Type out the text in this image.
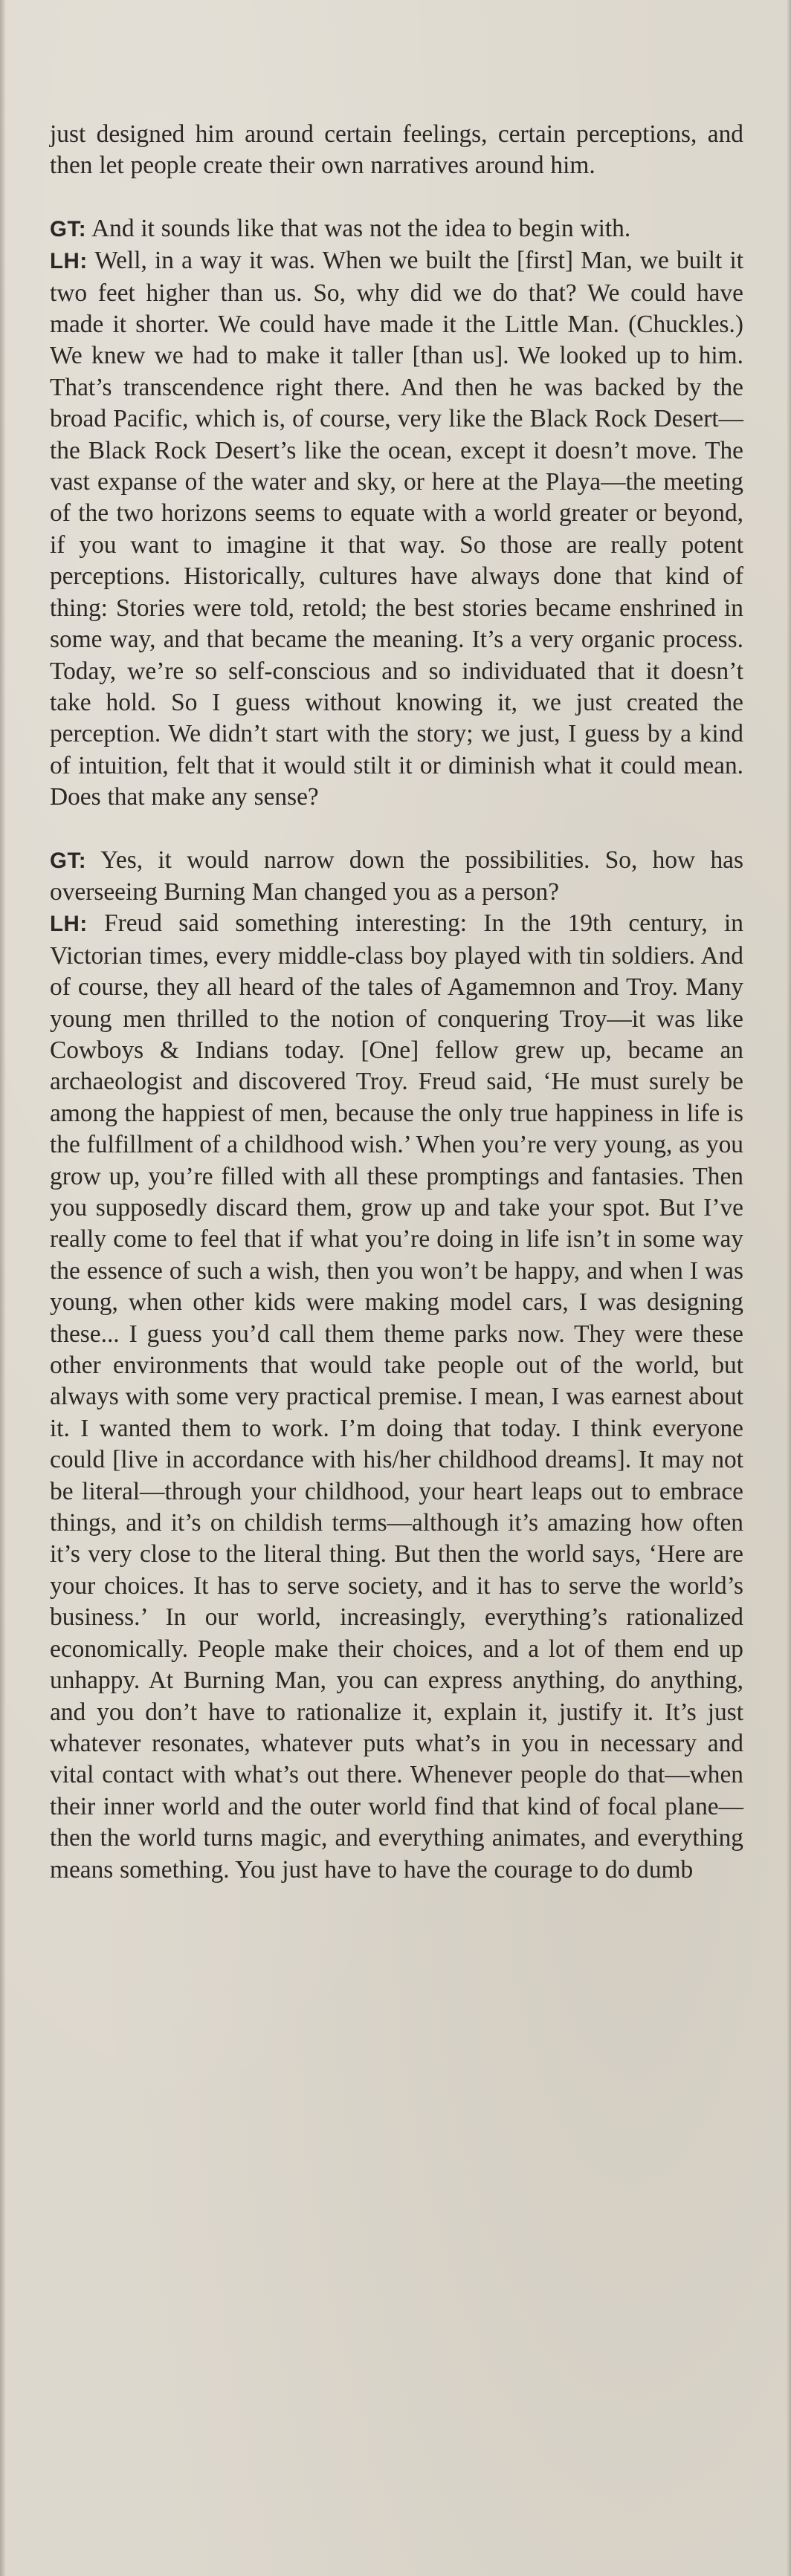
just designed him around certain feelings, certain perceptions, and then let people create their own narratives around him.

GT: And it sounds like that was not the idea to begin with.

LH: Well, in a way it was. When we built the [first] Man, we built it two feet higher than us. So, why did we do that? We could have made it shorter. We could have made it the Little Man. (Chuckles.) We knew we had to make it taller [than us]. We looked up to him. That’s transcendence right there. And then he was backed by the broad Pacific, which is, of course, very like the Black Rock Desert—the Black Rock Desert’s like the ocean, except it doesn’t move. The vast expanse of the water and sky, or here at the Playa—the meeting of the two horizons seems to equate with a world greater or beyond, if you want to imagine it that way. So those are really potent perceptions. Historically, cultures have always done that kind of thing: Stories were told, retold; the best stories became enshrined in some way, and that became the meaning. It’s a very organic process. Today, we’re so self-conscious and so individuated that it doesn’t take hold. So I guess without knowing it, we just created the perception. We didn’t start with the story; we just, I guess by a kind of intuition, felt that it would stilt it or diminish what it could mean. Does that make any sense?

GT: Yes, it would narrow down the possibilities. So, how has overseeing Burning Man changed you as a person?

LH: Freud said something interesting: In the 19th century, in Victorian times, every middle-class boy played with tin soldiers. And of course, they all heard of the tales of Agamemnon and Troy. Many young men thrilled to the notion of conquering Troy—it was like Cowboys & Indians today. [One] fellow grew up, became an archaeologist and discovered Troy. Freud said, ‘He must surely be among the happiest of men, because the only true happiness in life is the fulfillment of a childhood wish.’ When you’re very young, as you grow up, you’re filled with all these promptings and fantasies. Then you supposedly discard them, grow up and take your spot. But I’ve really come to feel that if what you’re doing in life isn’t in some way the essence of such a wish, then you won’t be happy, and when I was young, when other kids were making model cars, I was designing these... I guess you’d call them theme parks now. They were these other environments that would take people out of the world, but always with some very practical premise. I mean, I was earnest about it. I wanted them to work. I’m doing that today. I think everyone could [live in accordance with his/her childhood dreams]. It may not be literal—through your childhood, your heart leaps out to embrace things, and it’s on childish terms—although it’s amazing how often it’s very close to the literal thing. But then the world says, ‘Here are your choices. It has to serve society, and it has to serve the world’s business.’ In our world, increasingly, everything’s rationalized economically. People make their choices, and a lot of them end up unhappy. At Burning Man, you can express anything, do anything, and you don’t have to rationalize it, explain it, justify it. It’s just whatever resonates, whatever puts what’s in you in necessary and vital contact with what’s out there. Whenever people do that—when their inner world and the outer world find that kind of focal plane—then the world turns magic, and everything animates, and everything means something. You just have to have the courage to do dumb
